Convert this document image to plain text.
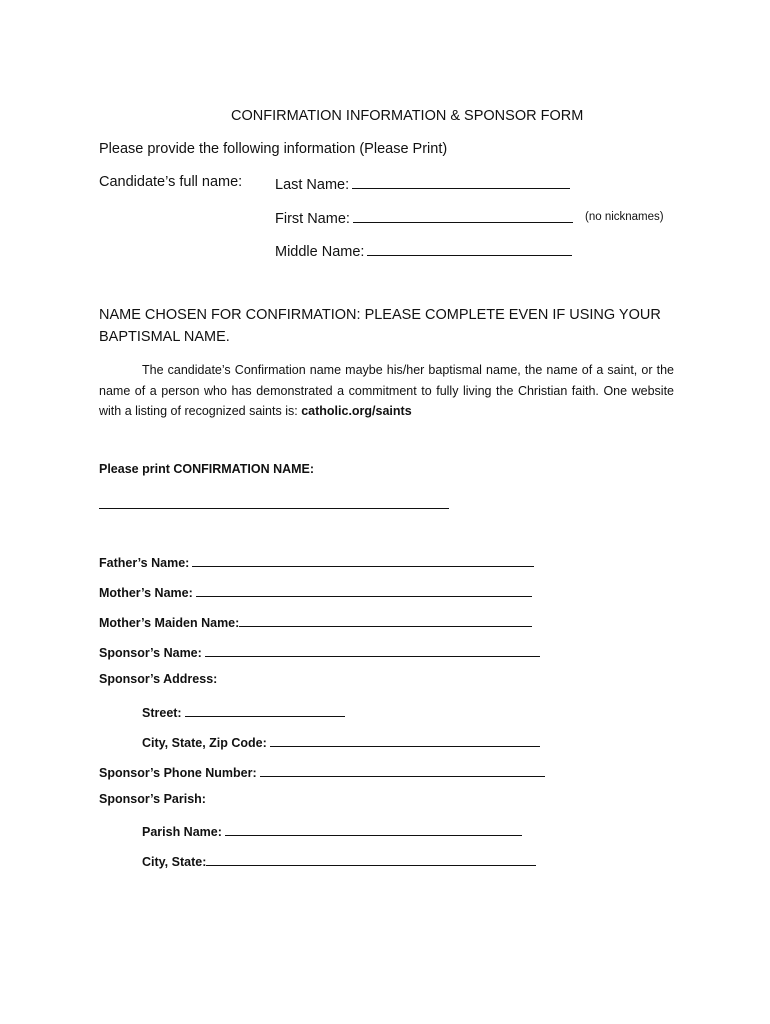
CONFIRMATION INFORMATION & SPONSOR FORM
Please provide the following information (Please Print)
Candidate’s full name: Last Name:
First Name:	(no nicknames)
Middle Name:
NAME CHOSEN FOR CONFIRMATION: PLEASE COMPLETE EVEN IF USING YOUR
BAPTISMAL NAME.
The candidate’s Confirmation name maybe his/her baptismal name, the name of a saint, or the name of a person who has demonstrated a commitment to fully living the Christian faith. One website with a listing of recognized saints is: catholic.org/saints
Please print CONFIRMATION NAME:
Father’s Name:
Mother’s Name:
Mother’s Maiden Name:
Sponsor’s Name:
Sponsor’s Address:
Street:
City, State, Zip Code:
Sponsor’s Phone Number:
Sponsor’s Parish:
Parish Name:
City, State:
